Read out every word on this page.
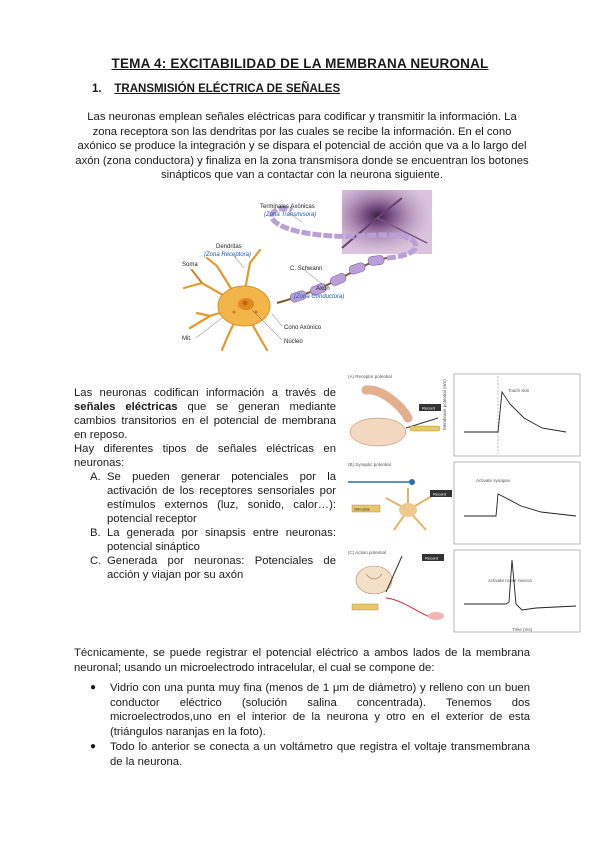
TEMA 4: EXCITABILIDAD DE LA MEMBRANA NEURONAL
1. TRANSMISIÓN ELÉCTRICA DE SEÑALES
Las neuronas emplean señales eléctricas para codificar y transmitir la información. La zona receptora son las dendritas por las cuales se recibe la información. En el cono axónico se produce la integración y se dispara el potencial de acción que va a lo largo del axón (zona conductora) y finaliza en la zona transmisora donde se encuentran los botones sinápticos que van a contactar con la neurona siguiente.
Terminales Axónicas
(Zona Transmisora)
Dendritas
(Zona Receptora)
Soma
C. Schwann
Axón
(Zona Conductora)
Cono Axónico
Núcleo
Mit.
Las neuronas codifican información a través de señales eléctricas que se generan mediante cambios transitorios en el potencial de membrana en reposo.
Hay diferentes tipos de señales eléctricas en neuronas:
A. Se pueden generar potenciales por la activación de los receptores sensoriales por estímulos externos (luz, sonido, calor…): potencial receptor
B. La generada por sinapsis entre neuronas: potencial sináptico
C. Generada por neuronas: Potenciales de acción y viajan por su axón
(A) Receptor potential
Record
Touch skin
(B) Synaptic potential
Stimulate
Record
Activate synapse
(C) Action potential
Record
Activate motor neuron
Membrane potential (mV)
Time (ms)
Técnicamente, se puede registrar el potencial eléctrico a ambos lados de la membrana neuronal; usando un microelectrodo intracelular, el cual se compone de:
●	Vidrio con una punta muy fina (menos de 1 μm de diámetro) y relleno con un buen conductor eléctrico (solución salina concentrada). Tenemos dos microelectrodos,uno en el interior de la neurona y otro en el exterior de esta (triángulos naranjas en la foto).
●	Todo lo anterior se conecta a un voltámetro que registra el voltaje transmembrana de la neurona.
